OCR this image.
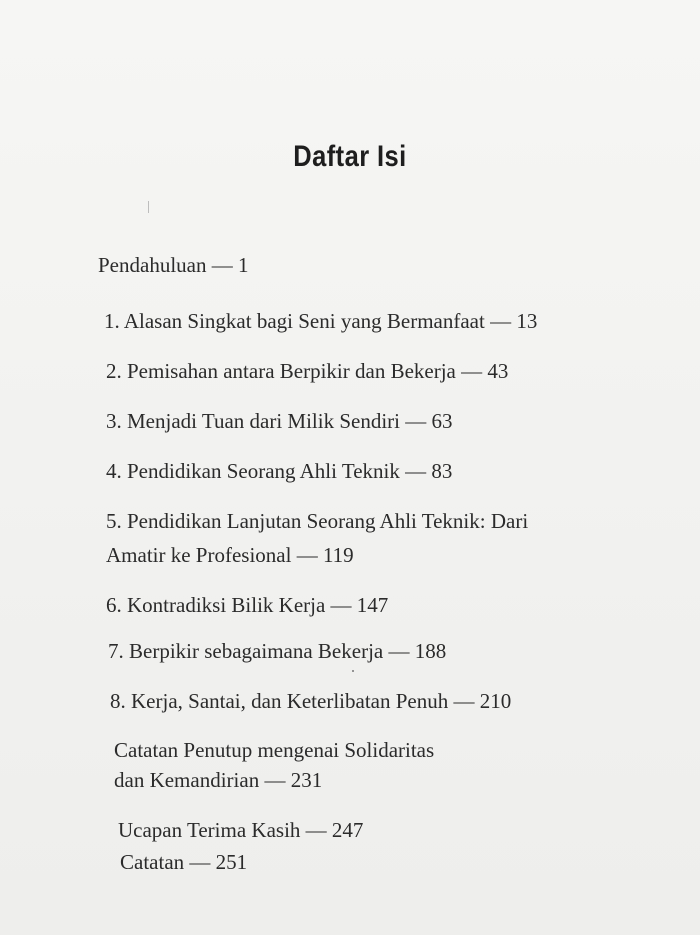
Daftar Isi
Pendahuluan — 1
1. Alasan Singkat bagi Seni yang Bermanfaat — 13
2. Pemisahan antara Berpikir dan Bekerja — 43
3. Menjadi Tuan dari Milik Sendiri — 63
4. Pendidikan Seorang Ahli Teknik — 83
5. Pendidikan Lanjutan Seorang Ahli Teknik: Dari
Amatir ke Profesional — 119
6. Kontradiksi Bilik Kerja — 147
7. Berpikir sebagaimana Bekerja — 188
8. Kerja, Santai, dan Keterlibatan Penuh — 210
Catatan Penutup mengenai Solidaritas
dan Kemandirian — 231
Ucapan Terima Kasih — 247
Catatan — 251
